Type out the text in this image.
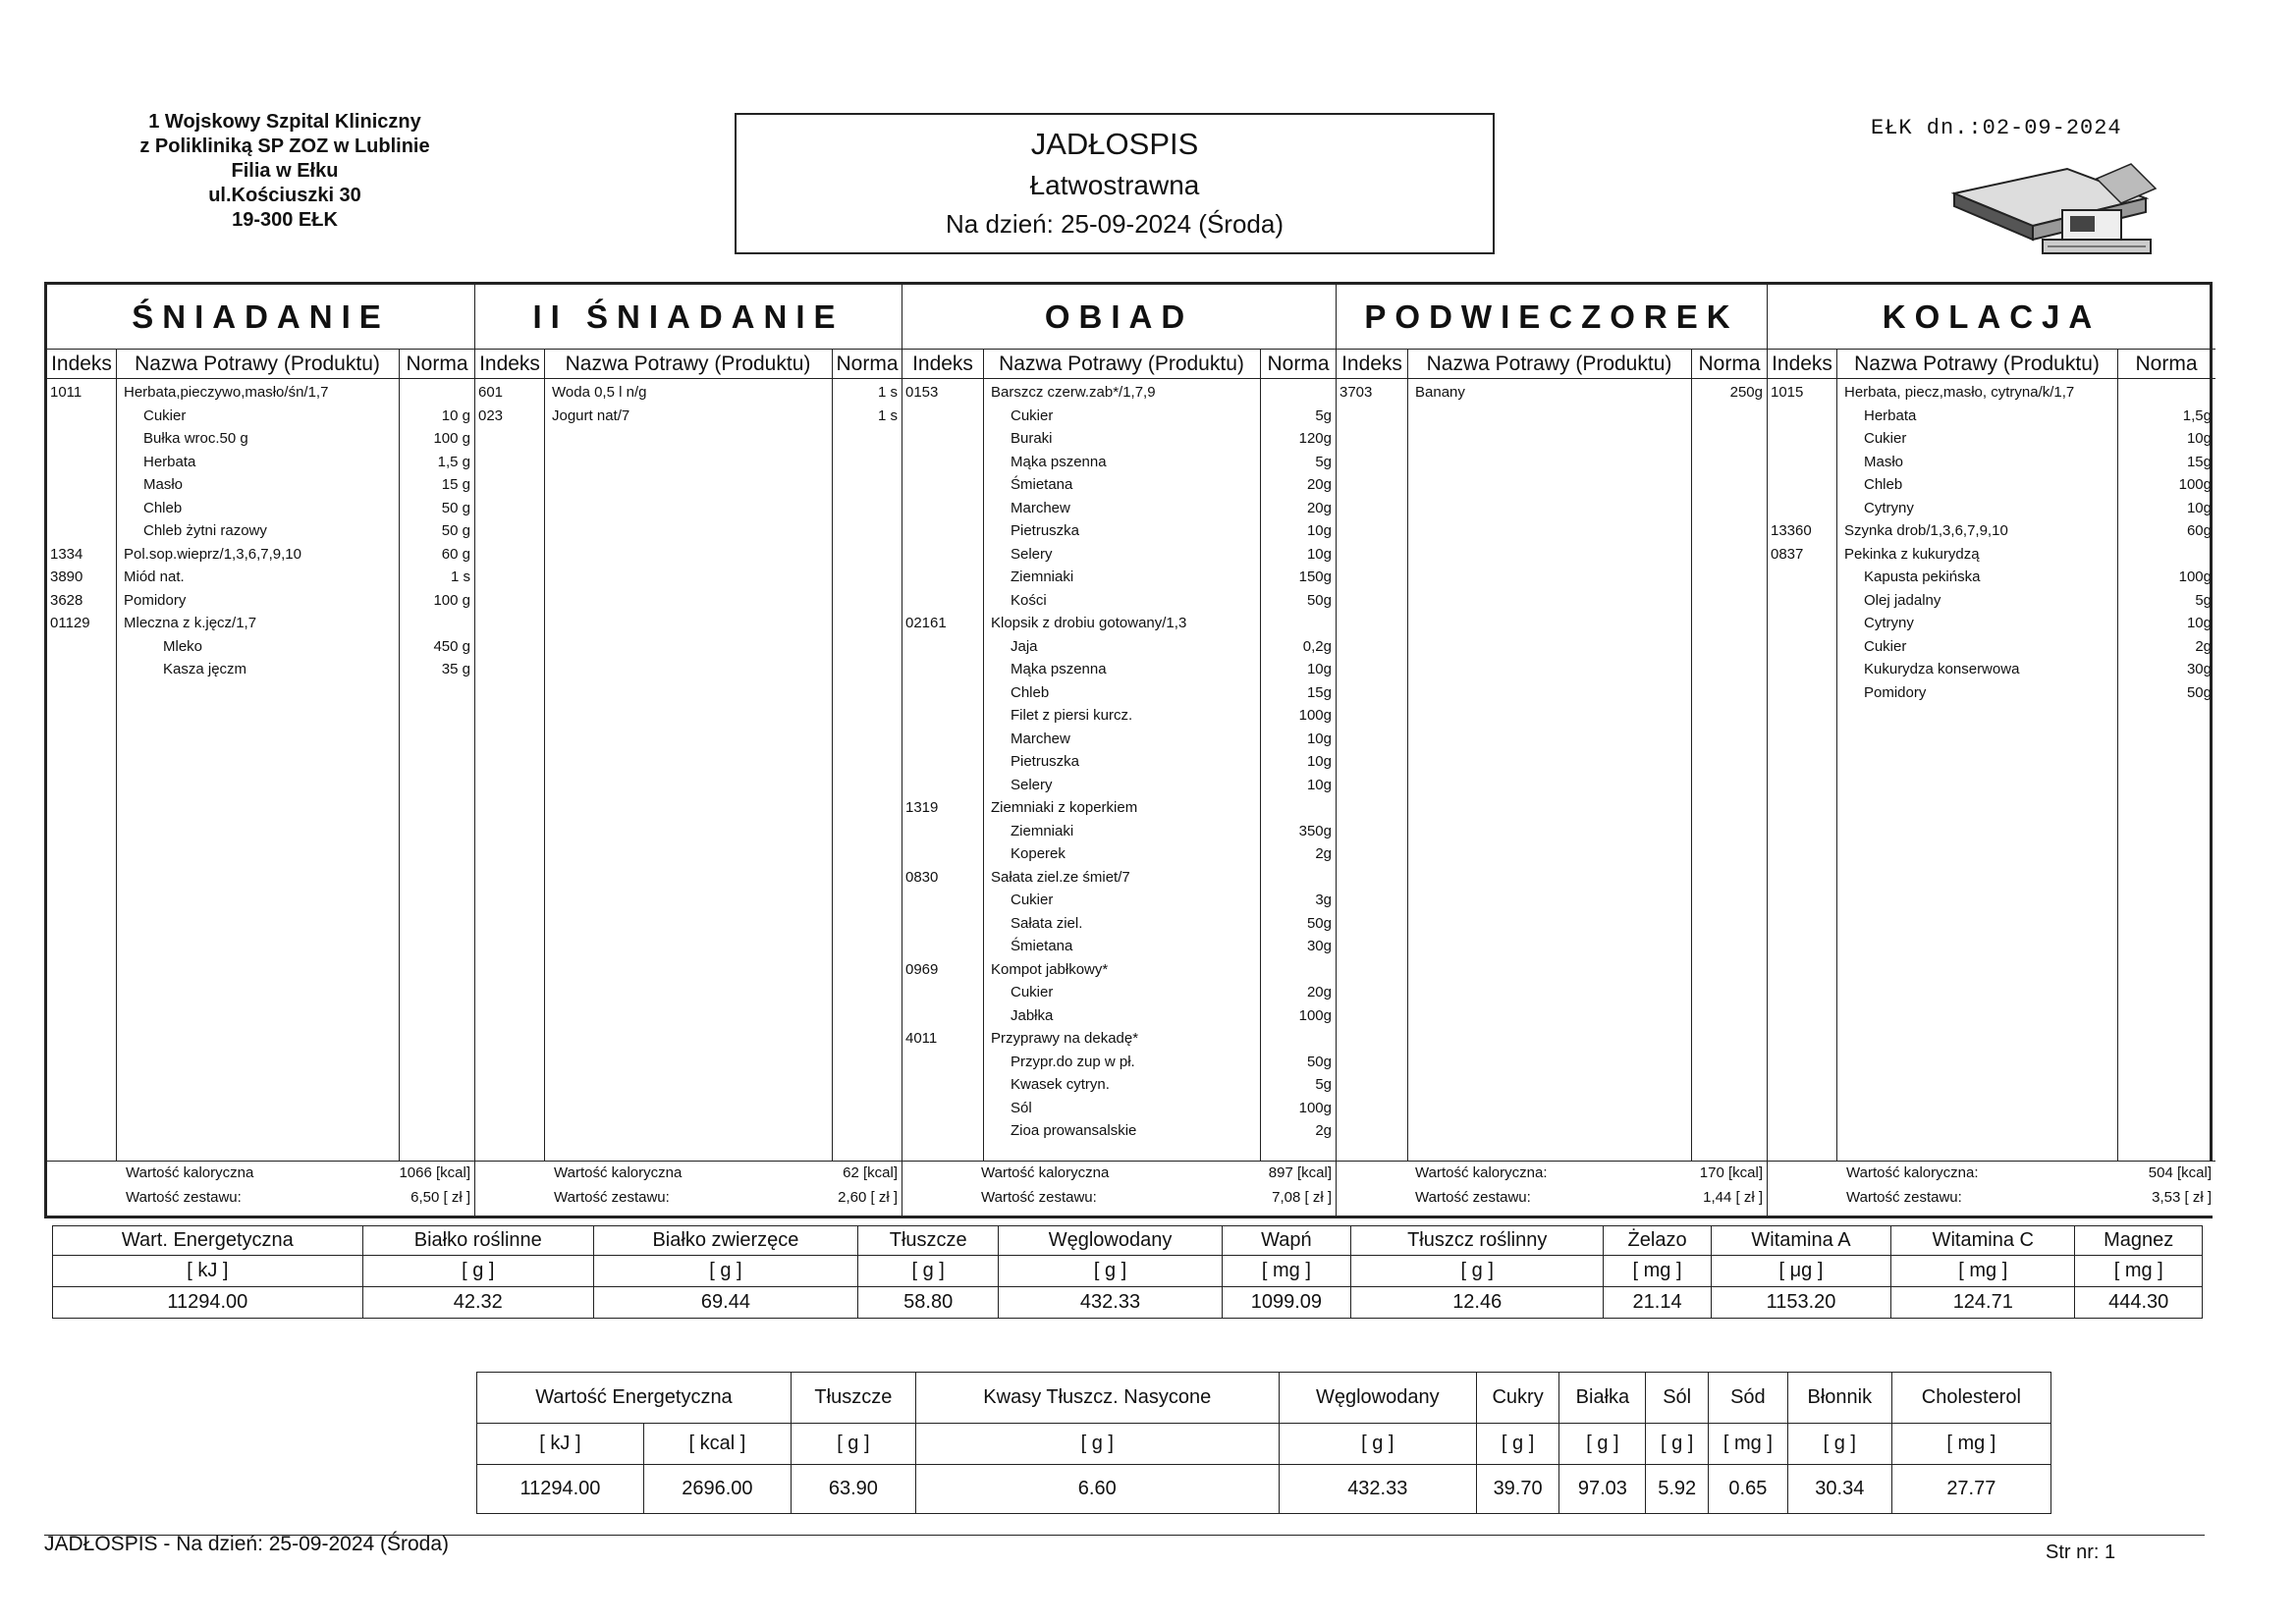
1 Wojskowy Szpital Kliniczny
z Polikliniką SP ZOZ w Lublinie
Filia w Ełku
ul.Kościuszki 30
19-300 EŁK
JADŁOSPIS
Łatwostrawna
Na dzień: 25-09-2024 (Środa)
EŁK dn.:02-09-2024
ŚNIADANIE
Indeks	Nazwa Potrawy (Produktu)	Norma
1011	Herbata,pieczywo,masło/śn/1,7
Cukier	10 g
Bułka wroc.50 g	100 g
Herbata	1,5 g
Masło	15 g
Chleb	50 g
Chleb żytni razowy	50 g
1334	Pol.sop.wieprz/1,3,6,7,9,10	60 g
3890	Miód nat.	1 s
3628	Pomidory	100 g
01129 Mleczna z k.jęcz/1,7
Mleko	450 g
Kasza jęczm	35 g
Wartość kaloryczna	1066 [kcal]
Wartość zestawu:	6,50 [ zł ]
II ŚNIADANIE
Indeks	Nazwa Potrawy (Produktu)	Norma
601	Woda 0,5 l n/g	1 s
023	Jogurt nat/7	1 s
Wartość kaloryczna	62 [kcal]
Wartość zestawu:	2,60 [ zł ]
OBIAD
Indeks	Nazwa Potrawy (Produktu)	Norma
0153	Barszcz czerw.zab*/1,7,9
Cukier	5g
Buraki	120g
Mąka pszenna	5g
Śmietana	20g
Marchew	20g
Pietruszka	10g
Selery	10g
Ziemniaki	150g
Kości	50g
02161	Klopsik z drobiu gotowany/1,3
Jaja	0,2g
Mąka pszenna	10g
Chleb	15g
Filet z piersi kurcz.	100g
Marchew	10g
Pietruszka	10g
Selery	10g
1319	Ziemniaki z koperkiem
Ziemniaki	350g
Koperek	2g
0830	Sałata ziel.ze śmiet/7
Cukier	3g
Sałata ziel.	50g
Śmietana	30g
0969	Kompot jabłkowy*
Cukier	20g
Jabłka	100g
4011	Przyprawy na dekadę*
Przypr.do zup w pł.	50g
Kwasek cytryn.	5g
Sól	100g
Zioa prowansalskie	2g
Wartość kaloryczna	897 [kcal]
Wartość zestawu:	7,08 [ zł ]
PODWIECZOREK
Indeks	Nazwa Potrawy (Produktu)	Norma
3703	Banany	250g
Wartość kaloryczna:	170 [kcal]
Wartość zestawu:	1,44 [ zł ]
KOLACJA
Indeks	Nazwa Potrawy (Produktu)	Norma
1015	Herbata, piecz,masło, cytryna/k/1,7
Herbata	1,5g
Cukier	10g
Masło	15g
Chleb	100g
Cytryny	10g
13360 Szynka drob/1,3,6,7,9,10	60g
0837	Pekinka z kukurydzą
Kapusta pekińska	100g
Olej jadalny	5g
Cytryny	10g
Cukier	2g
Kukurydza konserwowa	30g
Pomidory	50g
Wartość kaloryczna:	504 [kcal]
Wartość zestawu:	3,53 [ zł ]
Wart. Energetyczna	Białko roślinne	Białko zwierzęce	Tłuszcze	Węglowodany	Wapń	Tłuszcz roślinny	Żelazo	Witamina A	Witamina C	Magnez
[ kJ ]	[ g ]	[ g ]	[ g ]	[ g ]	[ mg ]	[ g ]	[ mg ]	[ μg ]	[ mg ]	[ mg ]
11294.00	42.32	69.44	58.80	432.33	1099.09	12.46	21.14	1153.20	124.71	444.30
Wartość Energetyczna		Tłuszcze	Kwasy Tłuszcz. Nasycone	Węglowodany	Cukry	Białka	Sól	Sód	Błonnik	Cholesterol
[ kJ ]	[ kcal ]	[ g ]	[ g ]	[ g ]	[ g ]	[ g ]	[ g ]	[ mg ]	[ g ]	[ mg ]
11294.00	2696.00	63.90	6.60	432.33	39.70	97.03	5.92	0.65	30.34	27.77
JADŁOSPIS - Na dzień: 25-09-2024 (Środa)	Str nr: 1
